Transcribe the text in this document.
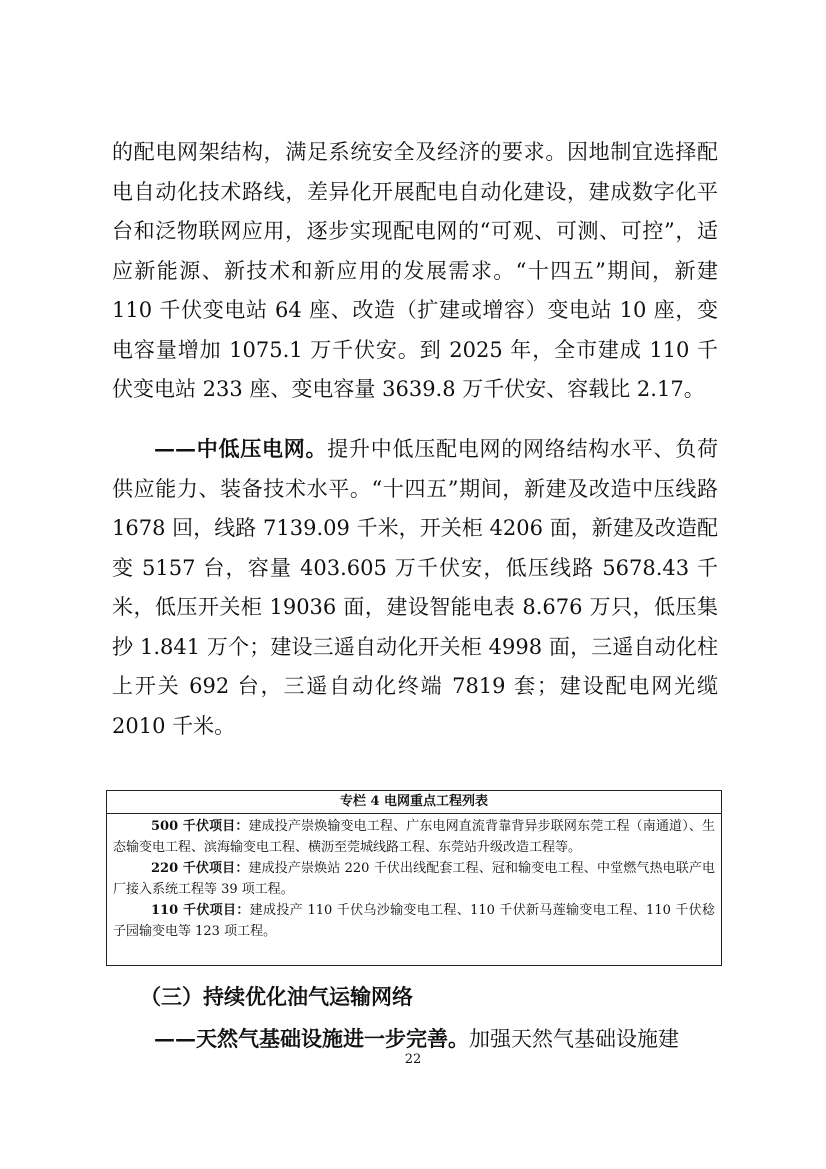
的配电网架结构，满足系统安全及经济的要求。因地制宜选择配电自动化技术路线，差异化开展配电自动化建设，建成数字化平台和泛物联网应用，逐步实现配电网的“可观、可测、可控”，适应新能源、新技术和新应用的发展需求。“十四五”期间，新建 110 千伏变电站 64 座、改造（扩建或增容）变电站 10 座，变电容量增加 1075.1 万千伏安。到 2025 年，全市建成 110 千伏变电站 233 座、变电容量 3639.8 万千伏安、容载比 2.17。

——中低压电网。提升中低压配电网的网络结构水平、负荷供应能力、装备技术水平。“十四五”期间，新建及改造中压线路 1678 回，线路 7139.09 千米，开关柜 4206 面，新建及改造配变 5157 台，容量 403.605 万千伏安，低压线路 5678.43 千米，低压开关柜 19036 面，建设智能电表 8.676 万只，低压集抄 1.841 万个；建设三遥自动化开关柜 4998 面，三遥自动化柱上开关 692 台，三遥自动化终端 7819 套；建设配电网光缆 2010 千米。

专栏 4 电网重点工程列表

500 千伏项目：建成投产崇焕输变电工程、广东电网直流背靠背异步联网东莞工程（南通道）、生态输变电工程、滨海输变电工程、横沥至莞城线路工程、东莞站升级改造工程等。

220 千伏项目：建成投产崇焕站 220 千伏出线配套工程、冠和输变电工程、中堂燃气热电联产电厂接入系统工程等 39 项工程。

110 千伏项目：建成投产 110 千伏乌沙输变电工程、110 千伏新马莲输变电工程、110 千伏稔子园输变电等 123 项工程。

（三）持续优化油气运输网络

——天然气基础设施进一步完善。加强天然气基础设施建

22
